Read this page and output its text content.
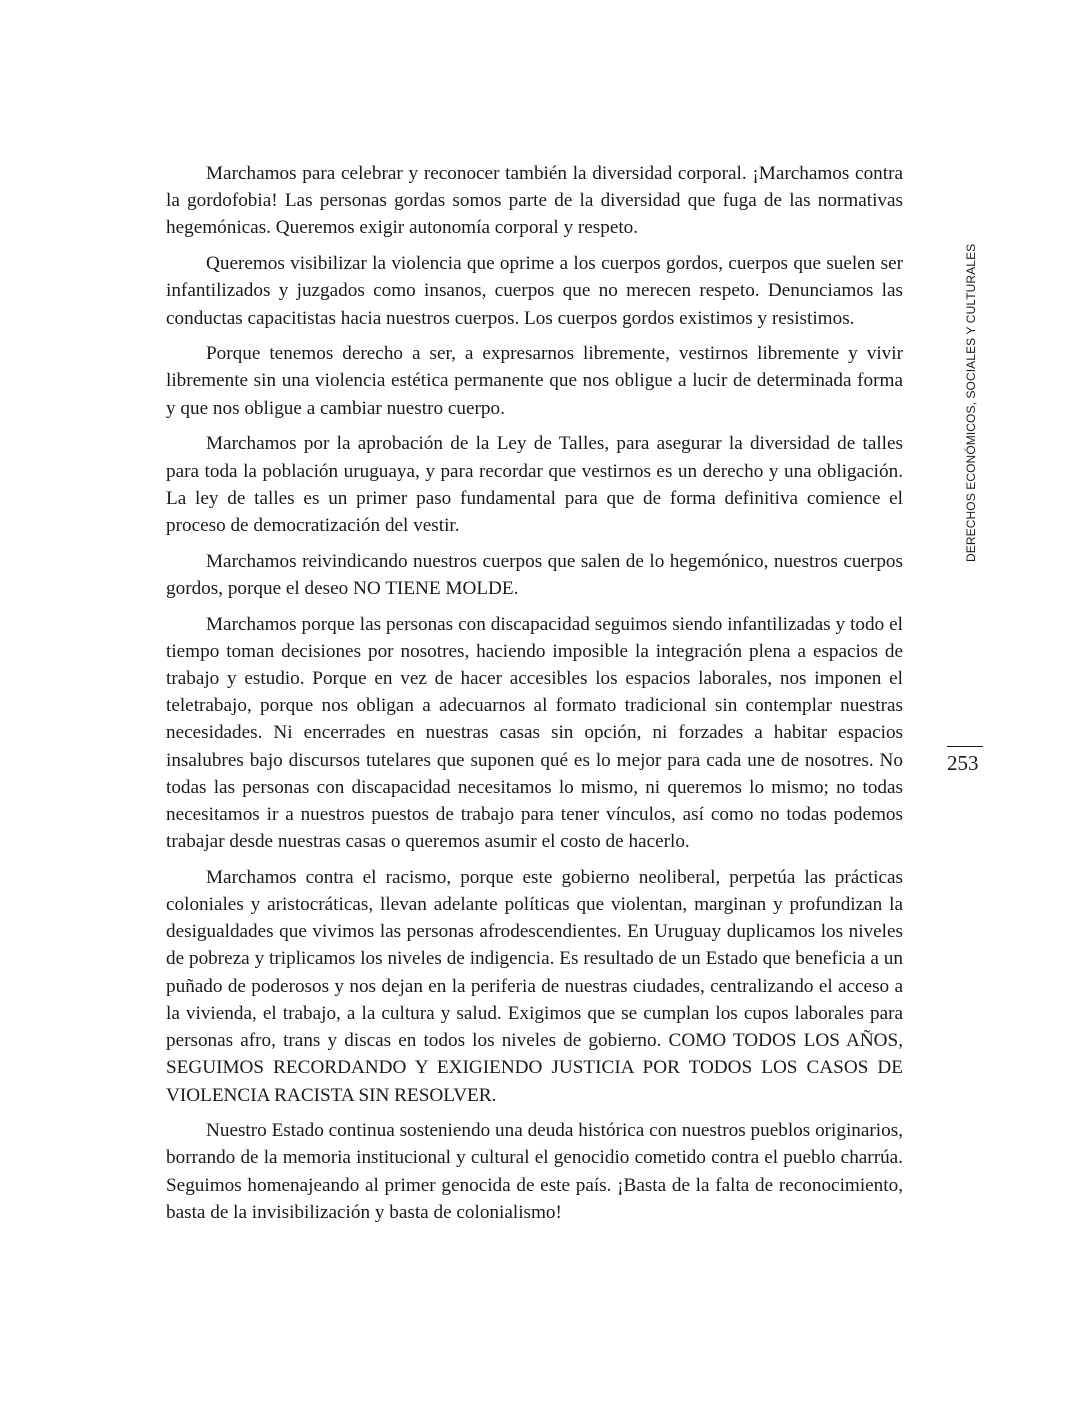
Marchamos para celebrar y reconocer también la diversidad corporal. ¡Marchamos contra la gordofobia! Las personas gordas somos parte de la diversidad que fuga de las normativas hegemónicas. Queremos exigir autonomía corporal y respeto.

Queremos visibilizar la violencia que oprime a los cuerpos gordos, cuerpos que suelen ser infantilizados y juzgados como insanos, cuerpos que no merecen respeto. Denunciamos las conductas capacitistas hacia nuestros cuerpos. Los cuerpos gordos existimos y resistimos.

Porque tenemos derecho a ser, a expresarnos libremente, vestirnos libremente y vivir libremente sin una violencia estética permanente que nos obligue a lucir de determinada forma y que nos obligue a cambiar nuestro cuerpo.

Marchamos por la aprobación de la Ley de Talles, para asegurar la diversidad de talles para toda la población uruguaya, y para recordar que vestirnos es un derecho y una obligación. La ley de talles es un primer paso fundamental para que de forma definitiva comience el proceso de democratización del vestir.

Marchamos reivindicando nuestros cuerpos que salen de lo hegemónico, nuestros cuerpos gordos, porque el deseo NO TIENE MOLDE.

Marchamos porque las personas con discapacidad seguimos siendo infantilizadas y todo el tiempo toman decisiones por nosotres, haciendo imposible la integración plena a espacios de trabajo y estudio. Porque en vez de hacer accesibles los espacios laborales, nos imponen el teletrabajo, porque nos obligan a adecuarnos al formato tradicional sin contemplar nuestras necesidades. Ni encerrades en nuestras casas sin opción, ni forzades a habitar espacios insalubres bajo discursos tutelares que suponen qué es lo mejor para cada une de nosotres. No todas las personas con discapacidad necesitamos lo mismo, ni queremos lo mismo; no todas necesitamos ir a nuestros puestos de trabajo para tener vínculos, así como no todas podemos trabajar desde nuestras casas o queremos asumir el costo de hacerlo.

Marchamos contra el racismo, porque este gobierno neoliberal, perpetúa las prácticas coloniales y aristocráticas, llevan adelante políticas que violentan, marginan y profundizan la desigualdades que vivimos las personas afrodescendientes. En Uruguay duplicamos los niveles de pobreza y triplicamos los niveles de indigencia. Es resultado de un Estado que beneficia a un puñado de poderosos y nos dejan en la periferia de nuestras ciudades, centralizando el acceso a la vivienda, el trabajo, a la cultura y salud. Exigimos que se cumplan los cupos laborales para personas afro, trans y discas en todos los niveles de gobierno. COMO TODOS LOS AÑOS, SEGUIMOS RECORDANDO Y EXIGIENDO JUSTICIA POR TODOS LOS CASOS DE VIOLENCIA RACISTA SIN RESOLVER.

Nuestro Estado continua sosteniendo una deuda histórica con nuestros pueblos originarios, borrando de la memoria institucional y cultural el genocidio cometido contra el pueblo charrúa. Seguimos homenajeando al primer genocida de este país. ¡Basta de la falta de reconocimiento, basta de la invisibilización y basta de colonialismo!

DERECHOS ECONÓMICOS, SOCIALES Y CULTURALES
253
